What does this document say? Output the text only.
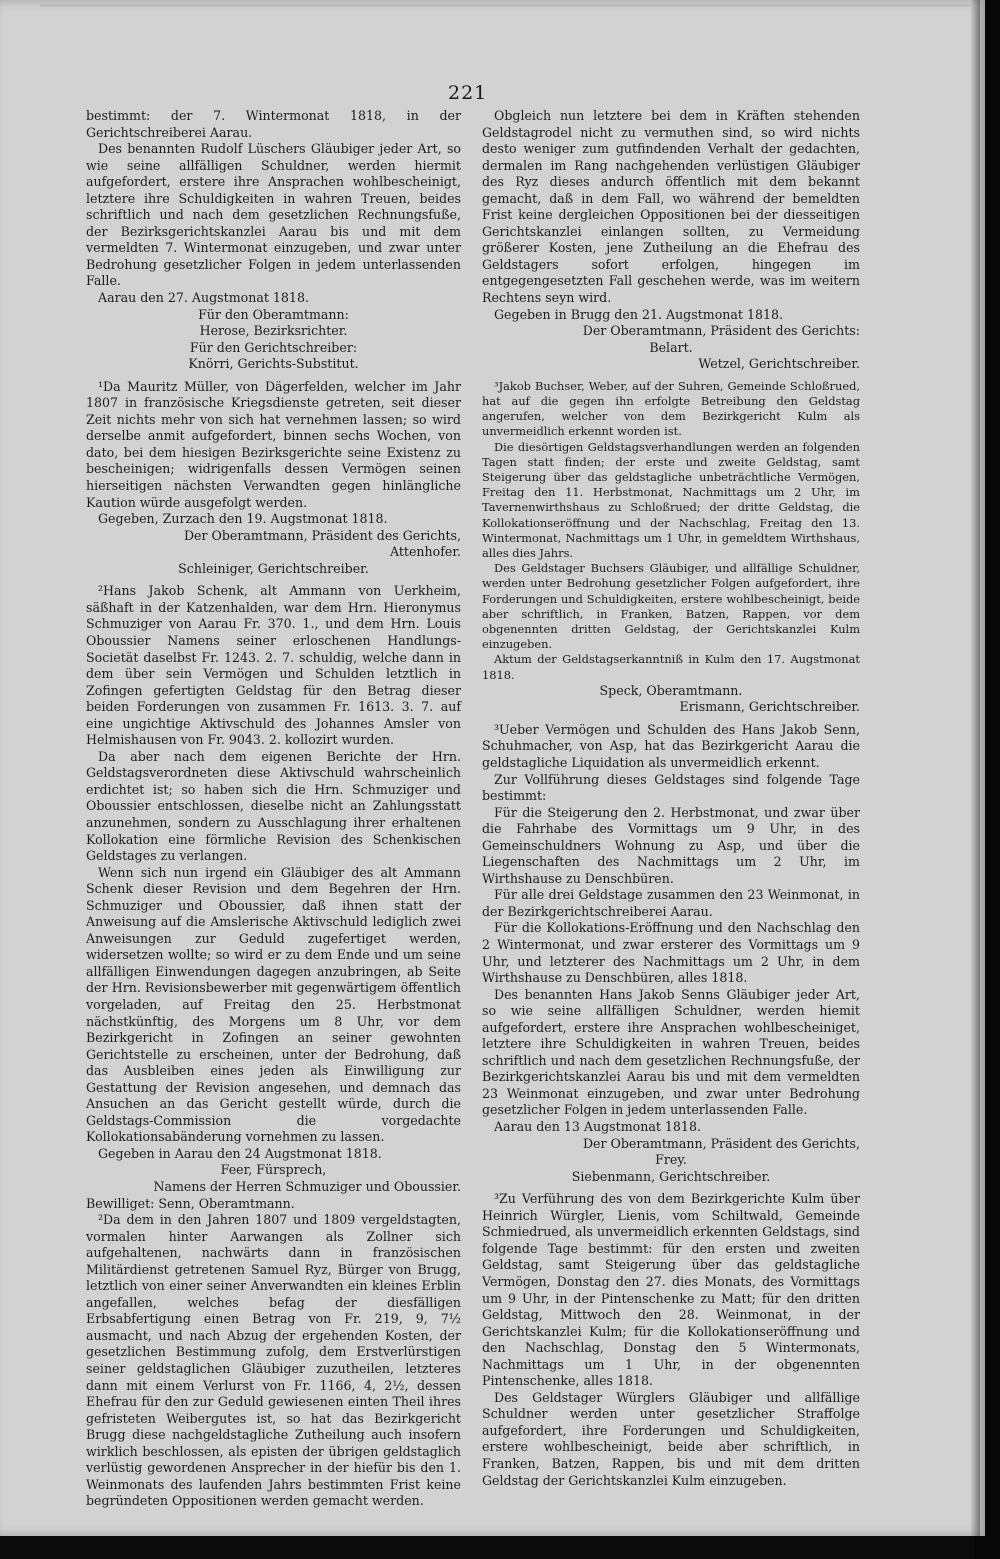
221

bestimmt: der 7. Wintermonat 1818, in der Gerichtschreiberei Aarau.

Des benannten Rudolf Lüschers Gläubiger jeder Art, so wie seine allfälligen Schuldner, werden hiermit aufgefordert, erstere ihre Ansprachen wohlbescheinigt, letztere ihre Schuldigkeiten in wahren Treuen, beides schriftlich und nach dem gesetzlichen Rechnungsfuße, der Bezirksgerichtskanzlei Aarau bis und mit dem vermeldten 7. Wintermonat einzugeben, und zwar unter Bedrohung gesetzlicher Folgen in jedem unterlassenden Falle.

Aarau den 27. Augstmonat 1818.

Für den Oberamtmann:

Herose, Bezirksrichter.

Für den Gerichtschreiber:

Knörri, Gerichts-Substitut.

¹Da Mauritz Müller, von Dägerfelden, welcher im Jahr 1807 in französische Kriegsdienste getreten, seit dieser Zeit nichts mehr von sich hat vernehmen lassen; so wird derselbe anmit aufgefordert, binnen sechs Wochen, von dato, bei dem hiesigen Bezirksgerichte seine Existenz zu bescheinigen; widrigenfalls dessen Vermögen seinen hierseitigen nächsten Verwandten gegen hinlängliche Kaution würde ausgefolgt werden.

Gegeben, Zurzach den 19. Augstmonat 1818.

Der Oberamtmann, Präsident des Gerichts,

Attenhofer.

Schleiniger, Gerichtschreiber.

²Hans Jakob Schenk, alt Ammann von Uerkheim, säßhaft in der Katzenhalden, war dem Hrn. Hieronymus Schmuziger von Aarau Fr. 370. 1., und dem Hrn. Louis Oboussier Namens seiner erloschenen Handlungs-Societät daselbst Fr. 1243. 2. 7. schuldig, welche dann in dem über sein Vermögen und Schulden letztlich in Zofingen gefertigten Geldstag für den Betrag dieser beiden Forderungen von zusammen Fr. 1613. 3. 7. auf eine ungichtige Aktivschuld des Johannes Amsler von Helmishausen von Fr. 9043. 2. kollozirt wurden.

Da aber nach dem eigenen Berichte der Hrn. Geldstagsverordneten diese Aktivschuld wahrscheinlich erdichtet ist; so haben sich die Hrn. Schmuziger und Oboussier entschlossen, dieselbe nicht an Zahlungsstatt anzunehmen, sondern zu Ausschlagung ihrer erhaltenen Kollokation eine förmliche Revision des Schenkischen Geldstages zu verlangen.

Wenn sich nun irgend ein Gläubiger des alt Ammann Schenk dieser Revision und dem Begehren der Hrn. Schmuziger und Oboussier, daß ihnen statt der Anweisung auf die Amslerische Aktivschuld lediglich zwei Anweisungen zur Geduld zugefertiget werden, widersetzen wollte; so wird er zu dem Ende und um seine allfälligen Einwendungen dagegen anzubringen, ab Seite der Hrn. Revisionsbewerber mit gegenwärtigem öffentlich vorgeladen, auf Freitag den 25. Herbstmonat nächstkünftig, des Morgens um 8 Uhr, vor dem Bezirkgericht in Zofingen an seiner gewohnten Gerichtstelle zu erscheinen, unter der Bedrohung, daß das Ausbleiben eines jeden als Einwilligung zur Gestattung der Revision angesehen, und demnach das Ansuchen an das Gericht gestellt würde, durch die Geldstags-Commission die vorgedachte Kollokationsabänderung vornehmen zu lassen.

Gegeben in Aarau den 24 Augstmonat 1818.

Feer, Fürsprech,

Namens der Herren Schmuziger und Oboussier.

Bewilliget: Senn, Oberamtmann.

²Da dem in den Jahren 1807 und 1809 vergeldstagten, vormalen hinter Aarwangen als Zollner sich aufgehaltenen, nachwärts dann in französischen Militärdienst getretenen Samuel Ryz, Bürger von Brugg, letztlich von einer seiner Anverwandten ein kleines Erblin angefallen, welches befag der diesfälligen Erbsabfertigung einen Betrag von Fr. 219, 9, 7½ ausmacht, und nach Abzug der ergehenden Kosten, der gesetzlichen Bestimmung zufolg, dem Erstverlürstigen seiner geldstaglichen Gläubiger zuzutheilen, letzteres dann mit einem Verlurst von Fr. 1166, 4, 2½, dessen Ehefrau für den zur Geduld gewiesenen einten Theil ihres gefristeten Weibergutes ist, so hat das Bezirkgericht Brugg diese nachgeldstagliche Zutheilung auch insofern wirklich beschlossen, als episten der übrigen geldstaglich verlüstig gewordenen Ansprecher in der hiefür bis den 1. Weinmonats des laufenden Jahrs bestimmten Frist keine begründeten Oppositionen werden gemacht werden.

Obgleich nun letztere bei dem in Kräften stehenden Geldstagrodel nicht zu vermuthen sind, so wird nichts desto weniger zum gutfindenden Verhalt der gedachten, dermalen im Rang nachgehenden verlüstigen Gläubiger des Ryz dieses andurch öffentlich mit dem bekannt gemacht, daß in dem Fall, wo während der bemeldten Frist keine dergleichen Oppositionen bei der diesseitigen Gerichtskanzlei einlangen sollten, zu Vermeidung größerer Kosten, jene Zutheilung an die Ehefrau des Geldstagers sofort erfolgen, hingegen im entgegengesetzten Fall geschehen werde, was im weitern Rechtens seyn wird.

Gegeben in Brugg den 21. Augstmonat 1818.

Der Oberamtmann, Präsident des Gerichts:

Belart.

Wetzel, Gerichtschreiber.

³Jakob Buchser, Weber, auf der Suhren, Gemeinde Schloßrued, hat auf die gegen ihn erfolgte Betreibung den Geldstag angerufen, welcher von dem Bezirkgericht Kulm als unvermeidlich erkennt worden ist.

Die diesörtigen Geldstagsverhandlungen werden an folgenden Tagen statt finden; der erste und zweite Geldstag, samt Steigerung über das geldstagliche unbeträchtliche Vermögen, Freitag den 11. Herbstmonat, Nachmittags um 2 Uhr, im Tavernenwirthshaus zu Schloßrued; der dritte Geldstag, die Kollokationseröffnung und der Nachschlag, Freitag den 13. Wintermonat, Nachmittags um 1 Uhr, in gemeldtem Wirthshaus, alles dies Jahrs.

Des Geldstager Buchsers Gläubiger, und allfällige Schuldner, werden unter Bedrohung gesetzlicher Folgen aufgefordert, ihre Forderungen und Schuldigkeiten, erstere wohlbescheinigt, beide aber schriftlich, in Franken, Batzen, Rappen, vor dem obgenennten dritten Geldstag, der Gerichtskanzlei Kulm einzugeben.

Aktum der Geldstagserkanntniß in Kulm den 17. Augstmonat 1818.

Speck, Oberamtmann.

Erismann, Gerichtschreiber.

³Ueber Vermögen und Schulden des Hans Jakob Senn, Schuhmacher, von Asp, hat das Bezirkgericht Aarau die geldstagliche Liquidation als unvermeidlich erkennt.

Zur Vollführung dieses Geldstages sind folgende Tage bestimmt:

Für die Steigerung den 2. Herbstmonat, und zwar über die Fahrhabe des Vormittags um 9 Uhr, in des Gemeinschuldners Wohnung zu Asp, und über die Liegenschaften des Nachmittags um 2 Uhr, im Wirthshause zu Denschbüren.

Für alle drei Geldstage zusammen den 23 Weinmonat, in der Bezirkgerichtschreiberei Aarau.

Für die Kollokations-Eröffnung und den Nachschlag den 2 Wintermonat, und zwar ersterer des Vormittags um 9 Uhr, und letzterer des Nachmittags um 2 Uhr, in dem Wirthshause zu Denschbüren, alles 1818.

Des benannten Hans Jakob Senns Gläubiger jeder Art, so wie seine allfälligen Schuldner, werden hiemit aufgefordert, erstere ihre Ansprachen wohlbescheiniget, letztere ihre Schuldigkeiten in wahren Treuen, beides schriftlich und nach dem gesetzlichen Rechnungsfuße, der Bezirkgerichtskanzlei Aarau bis und mit dem vermeldten 23 Weinmonat einzugeben, und zwar unter Bedrohung gesetzlicher Folgen in jedem unterlassenden Falle.

Aarau den 13 Augstmonat 1818.

Der Oberamtmann, Präsident des Gerichts,

Frey.

Siebenmann, Gerichtschreiber.

³Zu Verführung des von dem Bezirkgerichte Kulm über Heinrich Würgler, Lienis, vom Schiltwald, Gemeinde Schmiedrued, als unvermeidlich erkennten Geldstags, sind folgende Tage bestimmt: für den ersten und zweiten Geldstag, samt Steigerung über das geldstagliche Vermögen, Donstag den 27. dies Monats, des Vormittags um 9 Uhr, in der Pintenschenke zu Matt; für den dritten Geldstag, Mittwoch den 28. Weinmonat, in der Gerichtskanzlei Kulm; für die Kollokationseröffnung und den Nachschlag, Donstag den 5 Wintermonats, Nachmittags um 1 Uhr, in der obgenennten Pintenschenke, alles 1818.

Des Geldstager Würglers Gläubiger und allfällige Schuldner werden unter gesetzlicher Straffolge aufgefordert, ihre Forderungen und Schuldigkeiten, erstere wohlbescheinigt, beide aber schriftlich, in Franken, Batzen, Rappen, bis und mit dem dritten Geldstag der Gerichtskanzlei Kulm einzugeben.
